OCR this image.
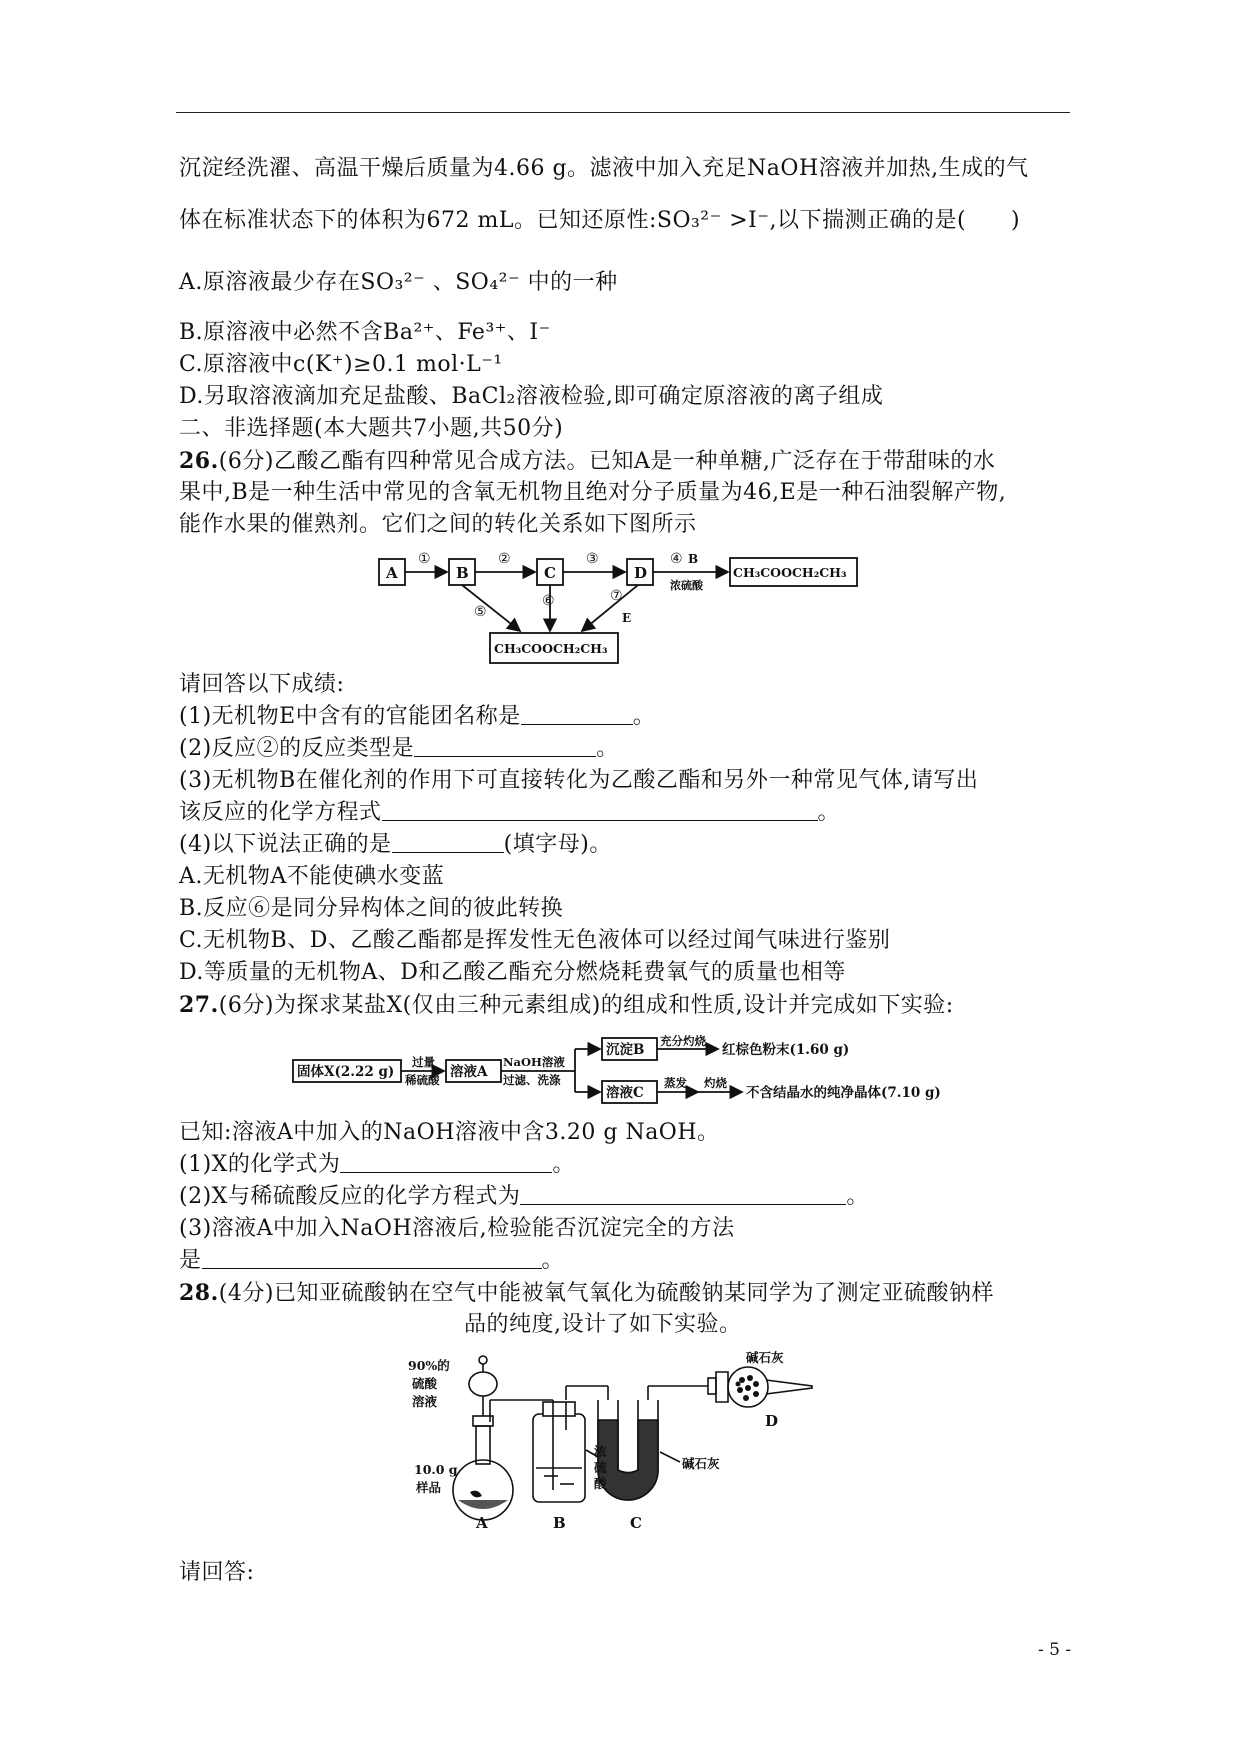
沉淀经洗濯、高温干燥后质量为4.66 g。滤液中加入充足NaOH溶液并加热,生成的气
体在标准状态下的体积为672 mL。已知还原性:SO₃²⁻ >I⁻,以下揣测正确的是(　　)
A.原溶液最少存在SO₃²⁻ 、SO₄²⁻ 中的一种
B.原溶液中必然不含Ba²⁺、Fe³⁺、I⁻
C.原溶液中c(K⁺)≥0.1 mol·L⁻¹
D.另取溶液滴加充足盐酸、BaCl₂溶液检验,即可确定原溶液的离子组成
二、非选择题(本大题共7小题,共50分)
26.(6分)乙酸乙酯有四种常见合成方法。已知A是一种单糖,广泛存在于带甜味的水
果中,B是一种生活中常见的含氧无机物且绝对分子质量为46,E是一种石油裂解产物,
能作水果的催熟剂。它们之间的转化关系如下图所示
A	B	C	D	CH₃COOCH₂CH₃
CH₃COOCH₂CH₃
①	②	③	④ B
浓硫酸
⑤
⑥	⑦
E
请回答以下成绩:
(1)无机物E中含有的官能团名称是	。
(2)反应②的反应类型是	。
(3)无机物B在催化剂的作用下可直接转化为乙酸乙酯和另外一种常见气体,请写出
该反应的化学方程式	。
(4)以下说法正确的是	(填字母)。
A.无机物A不能使碘水变蓝
B.反应⑥是同分异构体之间的彼此转换
C.无机物B、D、乙酸乙酯都是挥发性无色液体可以经过闻气味进行鉴别
D.等质量的无机物A、D和乙酸乙酯充分燃烧耗费氧气的质量也相等
27.(6分)为探求某盐X(仅由三种元素组成)的组成和性质,设计并完成如下实验:
固体X(2.22 g)	溶液A
沉淀B
溶液C
红棕色粉末(1.60 g)
不含结晶水的纯净晶体(7.10 g)
过量
稀硫酸
NaOH溶液
过滤、洗涤
充分灼烧
蒸发 灼烧
已知:溶液A中加入的NaOH溶液中含3.20 g NaOH。
(1)X的化学式为	。
(2)X与稀硫酸反应的化学方程式为	。
(3)溶液A中加入NaOH溶液后,检验能否沉淀完全的方法
是	。
28.(4分)已知亚硫酸钠在空气中能被氧气氧化为硫酸钠某同学为了测定亚硫酸钠样
品的纯度,设计了如下实验。
90%的
硫酸
溶液
10.0 g
样品
浓
硫
酸
碱石灰
碱石灰
A	B	C
D
请回答:
- 5 -
